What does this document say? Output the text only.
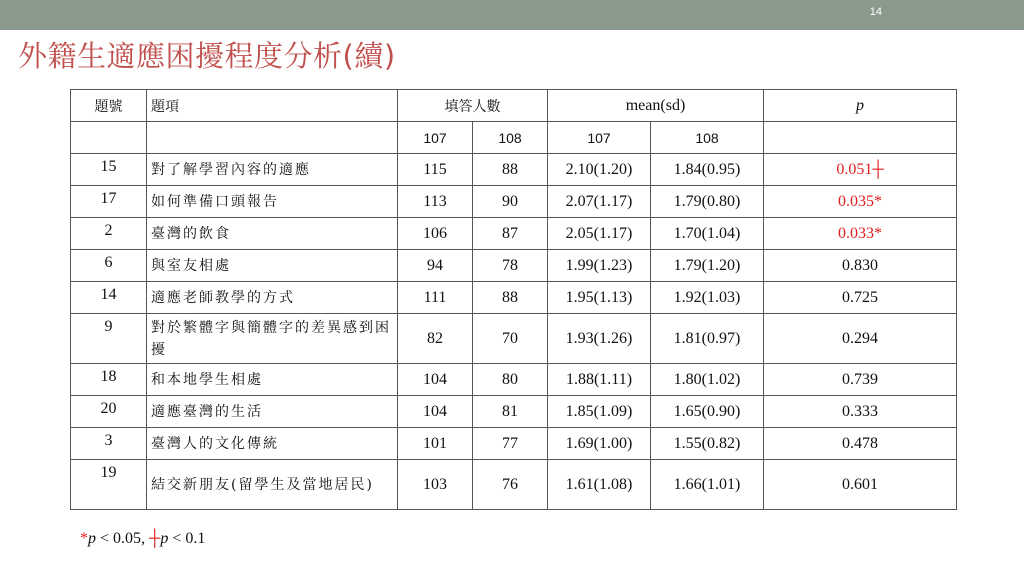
14
外籍生適應困擾程度分析(續)
題號	題項	填答人數		mean(sd)		p
		107	108	107	108	
15	對了解學習內容的適應	115	88	2.10(1.20)	1.84(0.95)	0.051┼
17	如何準備口頭報告	113	90	2.07(1.17)	1.79(0.80)	0.035*
2	臺灣的飲食	106	87	2.05(1.17)	1.70(1.04)	0.033*
6	與室友相處	94	78	1.99(1.23)	1.79(1.20)	0.830
14	適應老師教學的方式	111	88	1.95(1.13)	1.92(1.03)	0.725
9	對於繁體字與簡體字的差異感到困擾	82	70	1.93(1.26)	1.81(0.97)	0.294
18	和本地學生相處	104	80	1.88(1.11)	1.80(1.02)	0.739
20	適應臺灣的生活	104	81	1.85(1.09)	1.65(0.90)	0.333
3	臺灣人的文化傳統	101	77	1.69(1.00)	1.55(0.82)	0.478
19	結交新朋友(留學生及當地居民)	103	76	1.61(1.08)	1.66(1.01)	0.601
*p < 0.05, ┼p < 0.1
